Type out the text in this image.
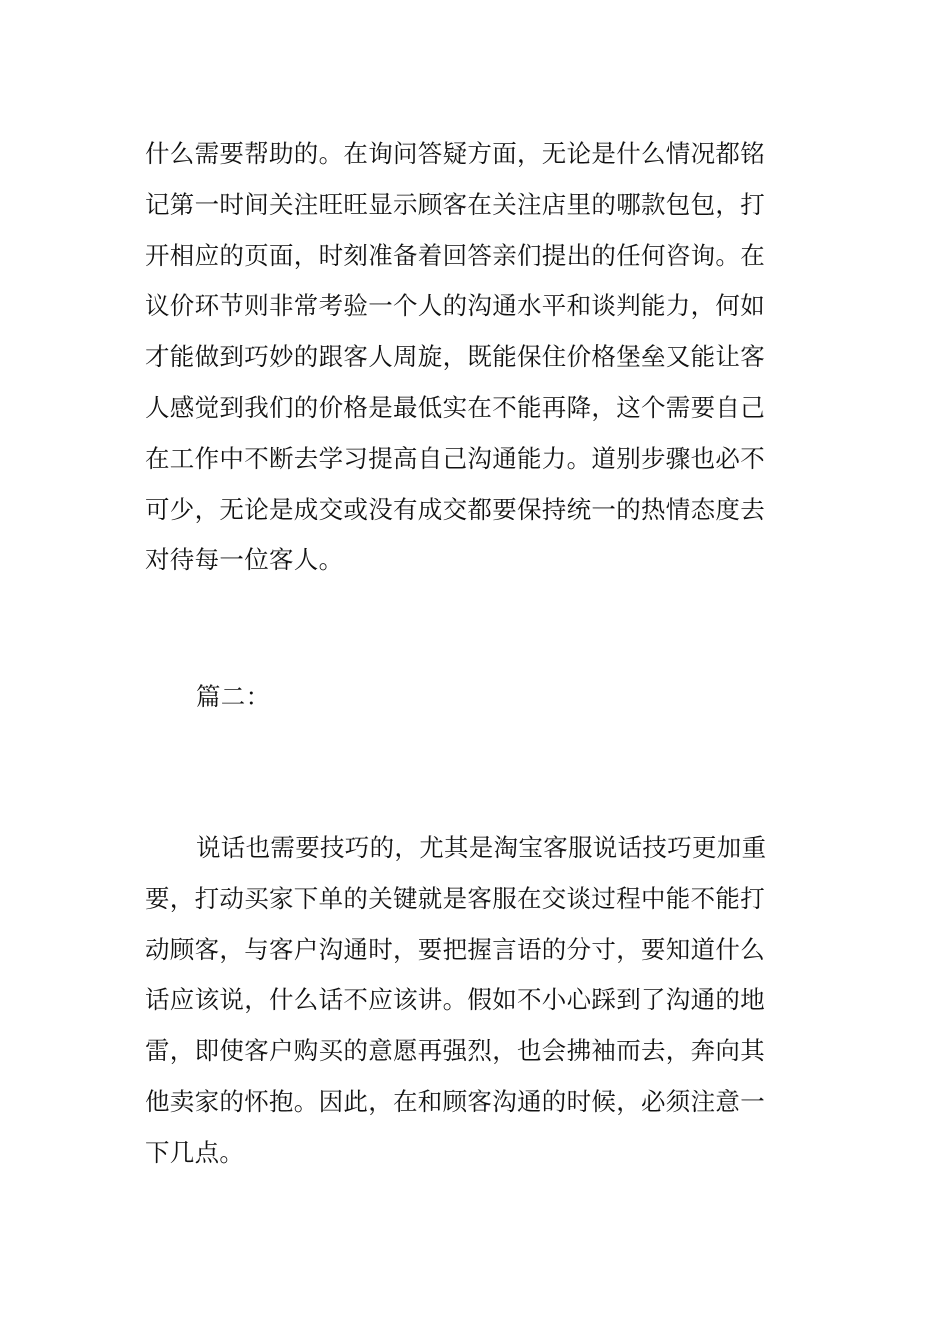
什么需要帮助的。在询问答疑方面，无论是什么情况都铭
记第一时间关注旺旺显示顾客在关注店里的哪款包包，打
开相应的页面，时刻准备着回答亲们提出的任何咨询。在
议价环节则非常考验一个人的沟通水平和谈判能力，何如
才能做到巧妙的跟客人周旋，既能保住价格堡垒又能让客
人感觉到我们的价格是最低实在不能再降，这个需要自己
在工作中不断去学习提高自己沟通能力。道别步骤也必不
可少，无论是成交或没有成交都要保持统一的热情态度去
对待每一位客人。
篇二：
说话也需要技巧的，尤其是淘宝客服说话技巧更加重
要，打动买家下单的关键就是客服在交谈过程中能不能打
动顾客，与客户沟通时，要把握言语的分寸，要知道什么
话应该说，什么话不应该讲。假如不小心踩到了沟通的地
雷，即使客户购买的意愿再强烈，也会拂袖而去，奔向其
他卖家的怀抱。因此，在和顾客沟通的时候，必须注意一
下几点。
